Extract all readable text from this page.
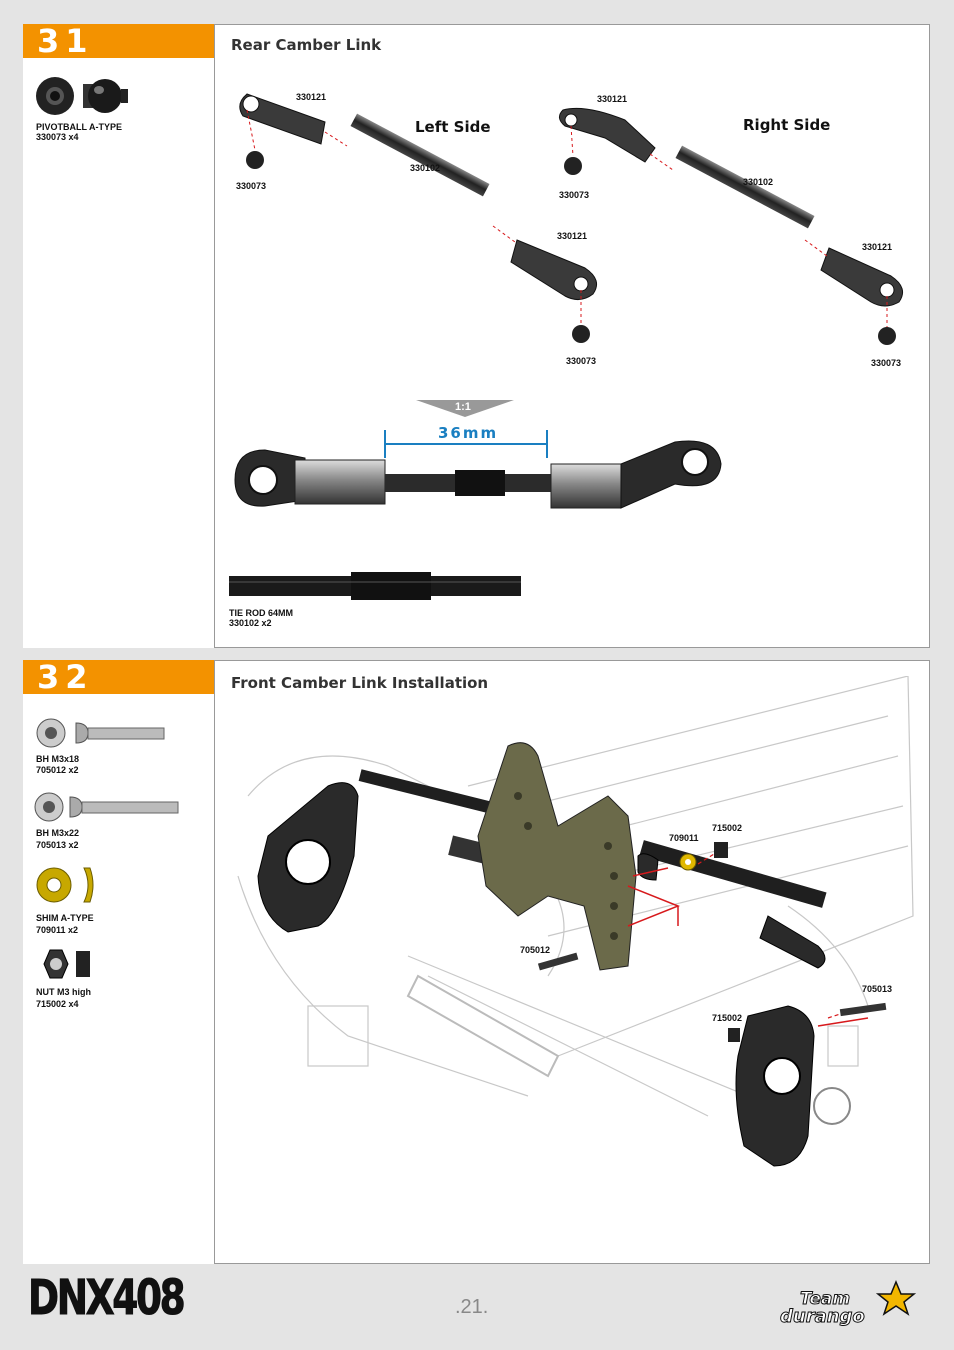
31	Rear Camber Link
PIVOTBALL A-TYPE
330073 x4
330121
330073
330102
330121
330073
Left Side
330121
330073
330102
330121
330073
Right Side
1:1
36mm
TIE ROD 64MM
330102 x2
32	Front Camber Link Installation
BH M3x18
705012 x2
BH M3x22
705013 x2
SHIM A-TYPE
709011 x2
NUT M3 high
715002 x4
709011
715002
705012
705013
715002
DNX408	.21.	Team
durango
